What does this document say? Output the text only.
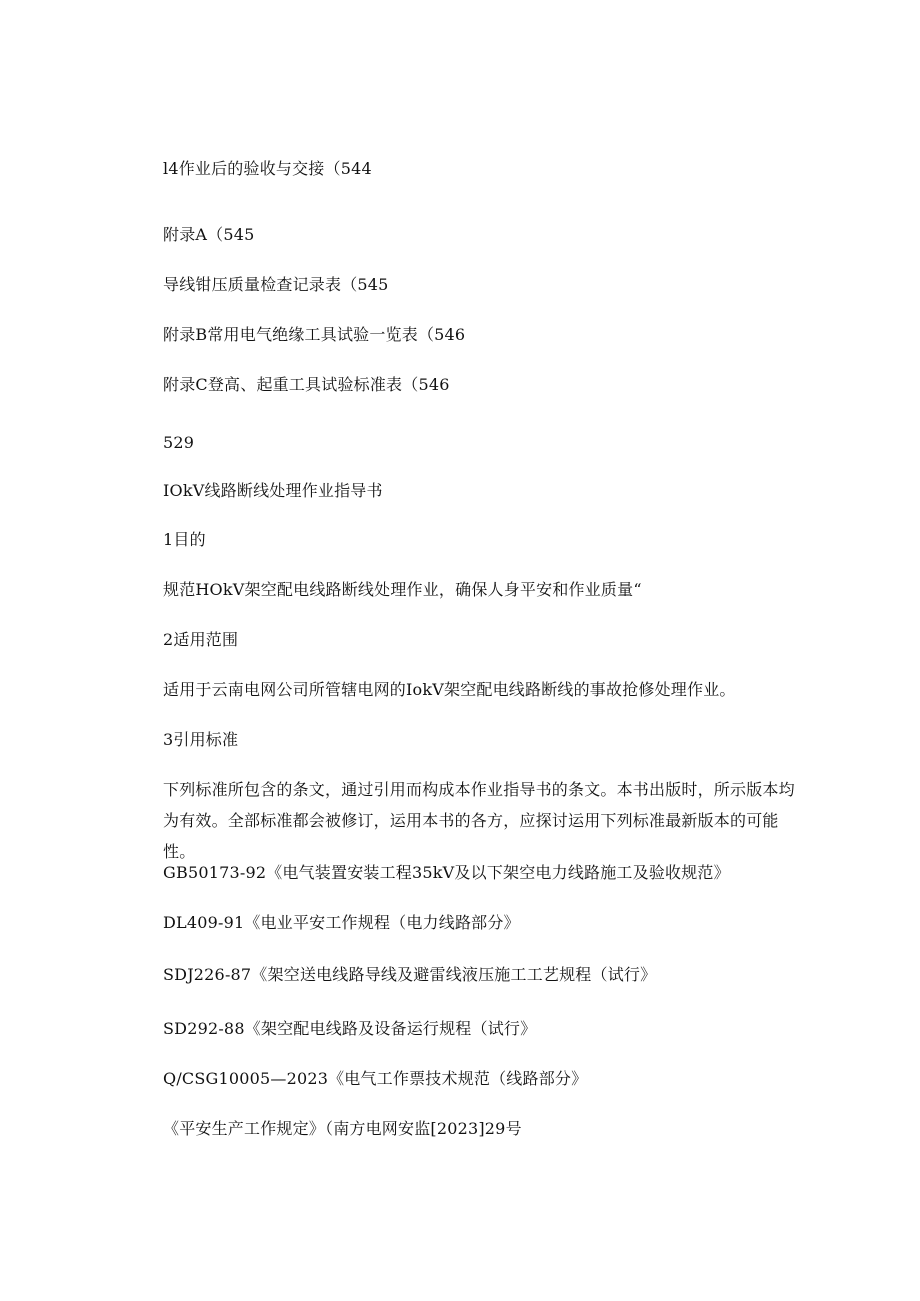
l4作业后的验收与交接（544
附录A（545
导线钳压质量检查记录表（545
附录B常用电气绝缘工具试验一览表（546
附录C登高、起重工具试验标准表（546
529
IOkV线路断线处理作业指导书
1目的
规范HOkV架空配电线路断线处理作业，确保人身平安和作业质量“
2适用范围
适用于云南电网公司所管辖电网的IokV架空配电线路断线的事故抢修处理作业。
3引用标准
下列标准所包含的条文，通过引用而构成本作业指导书的条文。本书出版时，所示版本均为有效。全部标准都会被修订，运用本书的各方，应探讨运用下列标准最新版本的可能性。
GB50173-92《电气装置安装工程35kV及以下架空电力线路施工及验收规范》
DL409-91《电业平安工作规程（电力线路部分》
SDJ226-87《架空送电线路导线及避雷线液压施工工艺规程（试行》
SD292-88《架空配电线路及设备运行规程（试行》
Q/CSG10005—2023《电气工作票技术规范（线路部分》
《平安生产工作规定》（南方电网安监[2023]29号
